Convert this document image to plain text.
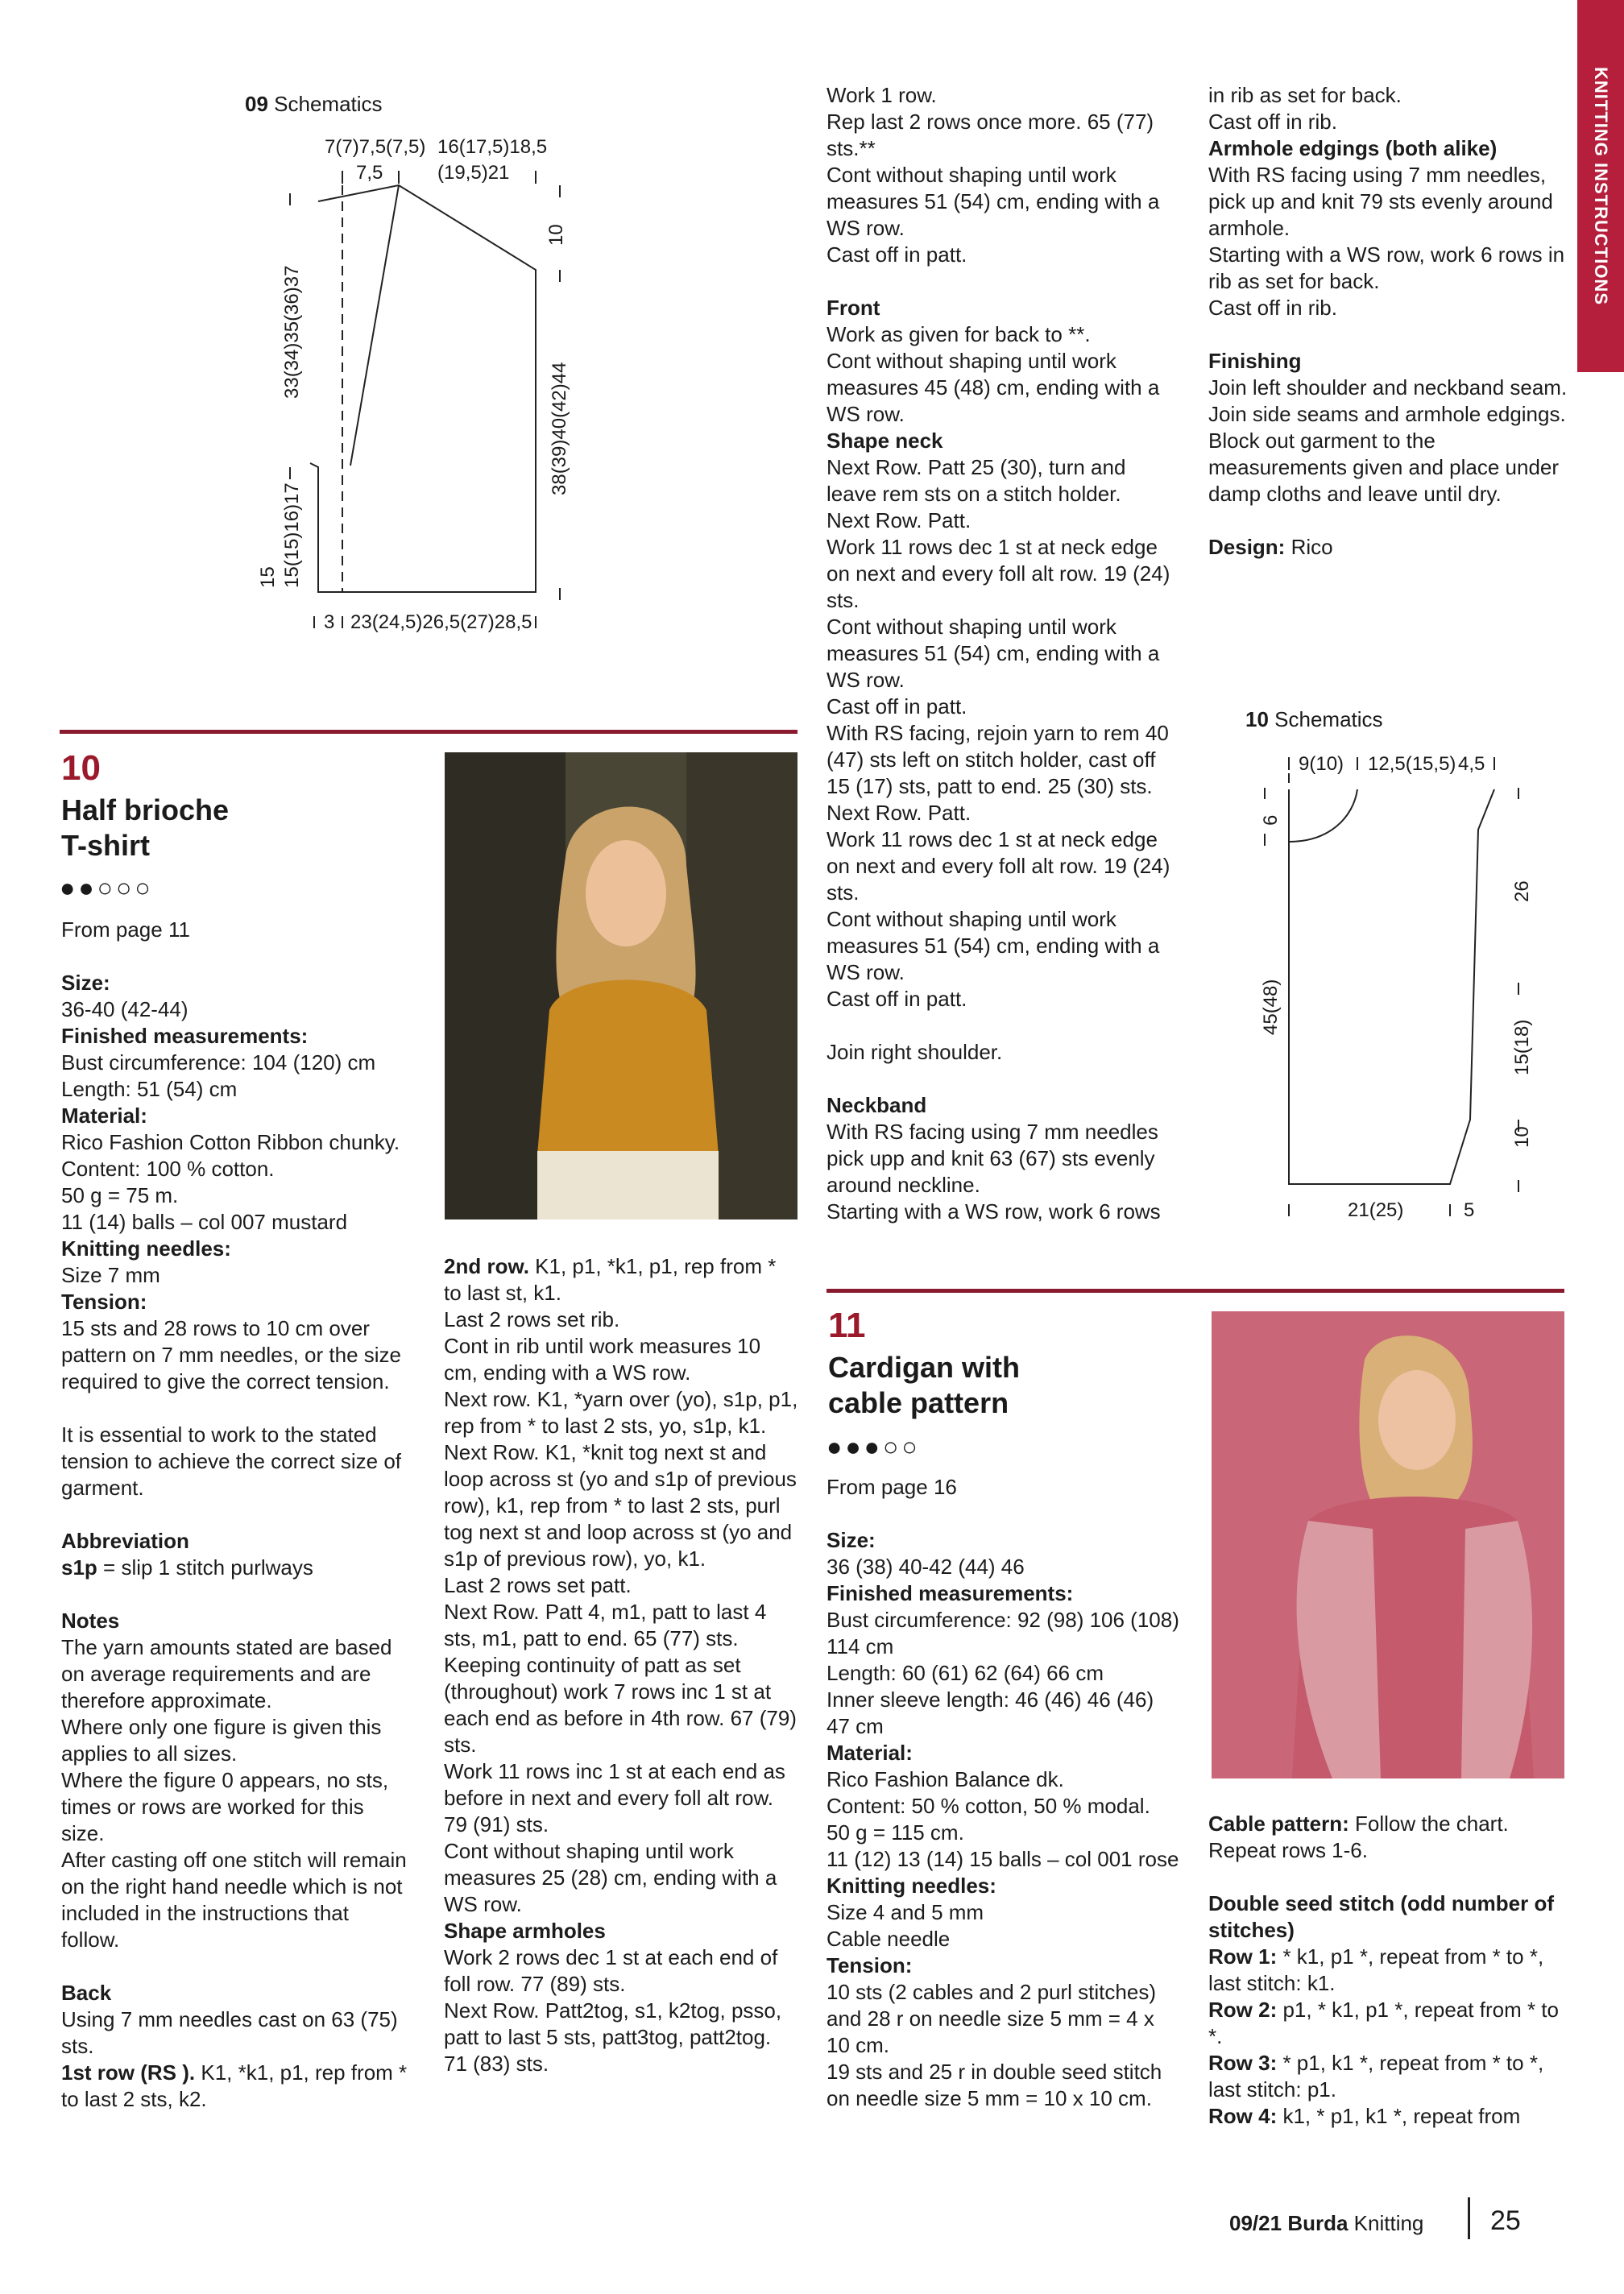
KNITTING INSTRUCTIONS
09 Schematics
7(7)7,5(7,5)
7,5
16(17,5)18,5
(19,5)21
10
38(39)40(42)44
33(34)35(36)37
15(15)16)17
15
3 23(24,5)26,5(27)28,5
10
Half brioche
T-shirt
●●○○○

From page 11

Size:

36-40 (42-44)

Finished measurements:

Bust circumference: 104 (120) cm

Length: 51 (54) cm

Material:

Rico Fashion Cotton Ribbon chunky.

Content: 100 % cotton.

50 g = 75 m.

11 (14) balls – col 007 mustard

Knitting needles:

Size 7 mm

Tension:

15 sts and 28 rows to 10 cm over pattern on 7 mm needles, or the size required to give the correct tension.

It is essential to work to the stated tension to achieve the correct size of garment.

Abbreviation

s1p = slip 1 stitch purlways

Notes

The yarn amounts stated are based on average requirements and are therefore approximate.

Where only one figure is given this applies to all sizes.

Where the figure 0 appears, no sts, times or rows are worked for this size.

After casting off one stitch will remain on the right hand needle which is not included in the instructions that follow.

Back

Using 7 mm needles cast on 63 (75) sts.

1st row (RS ). K1, *k1, p1, rep from * to last 2 sts, k2.

2nd row. K1, p1, *k1, p1, rep from * to last st, k1.

Last 2 rows set rib.

Cont in rib until work measures 10 cm, ending with a WS row.

Next row. K1, *yarn over (yo), s1p, p1, rep from * to last 2 sts, yo, s1p, k1.

Next Row. K1, *knit tog next st and loop across st (yo and s1p of previous row), k1, rep from * to last 2 sts, purl tog next st and loop across st (yo and s1p of previous row), yo, k1.

Last 2 rows set patt.

Next Row. Patt 4, m1, patt to last 4 sts, m1, patt to end. 65 (77) sts.

Keeping continuity of patt as set (throughout) work 7 rows inc 1 st at each end as before in 4th row. 67 (79) sts.

Work 11 rows inc 1 st at each end as before in next and every foll alt row. 79 (91) sts.

Cont without shaping until work measures 25 (28) cm, ending with a WS row.

Shape armholes

Work 2 rows dec 1 st at each end of foll row. 77 (89) sts.

Next Row. Patt2tog, s1, k2tog, psso, patt to last 5 sts, patt3tog, patt2tog. 71 (83) sts.

Work 1 row.

Rep last 2 rows once more. 65 (77) sts.**

Cont without shaping until work measures 51 (54) cm, ending with a WS row.

Cast off in patt.

Front

Work as given for back to **.

Cont without shaping until work measures 45 (48) cm, ending with a WS row.

Shape neck

Next Row. Patt 25 (30), turn and leave rem sts on a stitch holder.

Next Row. Patt.

Work 11 rows dec 1 st at neck edge on next and every foll alt row. 19 (24) sts.

Cont without shaping until work measures 51 (54) cm, ending with a WS row.

Cast off in patt.

With RS facing, rejoin yarn to rem 40 (47) sts left on stitch holder, cast off 15 (17) sts, patt to end. 25 (30) sts.

Next Row. Patt.

Work 11 rows dec 1 st at neck edge on next and every foll alt row. 19 (24) sts.

Cont without shaping until work measures 51 (54) cm, ending with a WS row.

Cast off in patt.

Join right shoulder.

Neckband

With RS facing using 7 mm needles pick upp and knit 63 (67) sts evenly around neckline.

Starting with a WS row, work 6 rows

in rib as set for back.

Cast off in rib.

Armhole edgings (both alike)

With RS facing using 7 mm needles, pick up and knit 79 sts evenly around armhole.

Starting with a WS row, work 6 rows in rib as set for back.

Cast off in rib.

Finishing

Join left shoulder and neckband seam. Join side seams and armhole edgings. Block out garment to the measurements given and place under damp cloths and leave until dry.

Design: Rico

10 Schematics
9(10) 12,5(15,5) 4,5
6
45(48)
26
15(18)
10
21(25)	5
11
Cardigan with
cable pattern
●●●○○

From page 16

Size:

36 (38) 40-42 (44) 46

Finished measurements:

Bust circumference: 92 (98) 106 (108) 114 cm

Length: 60 (61) 62 (64) 66 cm

Inner sleeve length: 46 (46) 46 (46) 47 cm

Material:

Rico Fashion Balance dk.

Content: 50 % cotton, 50 % modal.

50 g = 115 cm.

11 (12) 13 (14) 15 balls – col 001 rose

Knitting needles:

Size 4 and 5 mm

Cable needle

Tension:

10 sts (2 cables and 2 purl stitches) and 28 r on needle size 5 mm = 4 x 10 cm.

19 sts and 25 r in double seed stitch on needle size 5 mm = 10 x 10 cm.

Cable pattern: Follow the chart.

Repeat rows 1-6.

Double seed stitch (odd number of stitches)

Row 1: * k1, p1 *, repeat from * to *, last stitch: k1.

Row 2: p1, * k1, p1 *, repeat from * to *.

Row 3: * p1, k1 *, repeat from * to *, last stitch: p1.

Row 4: k1, * p1, k1 *, repeat from

09/21 Burda Knitting 25
